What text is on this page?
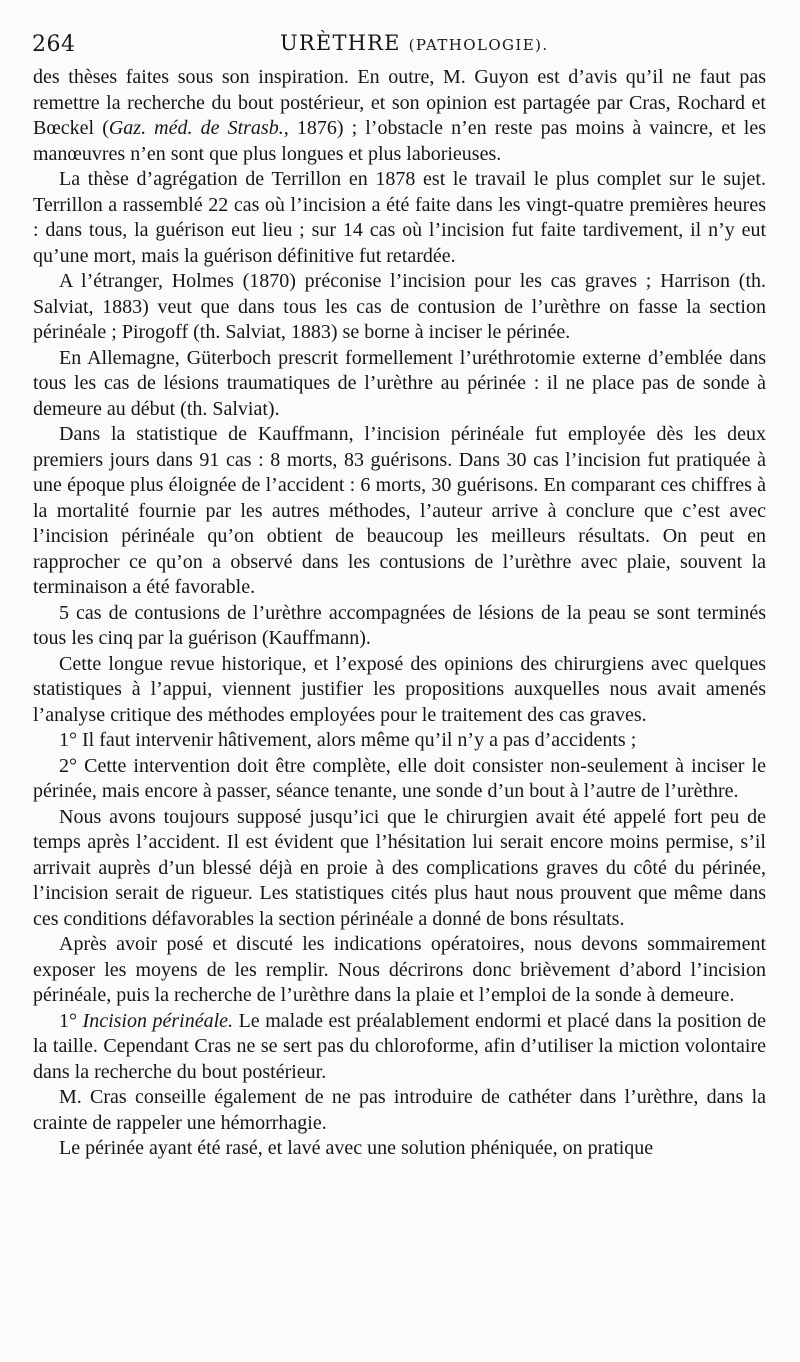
264	URÈTHRE (PATHOLOGIE).

des thèses faites sous son inspiration. En outre, M. Guyon est d’avis qu’il ne faut pas remettre la recherche du bout postérieur, et son opinion est partagée par Cras, Rochard et Bœckel (Gaz. méd. de Strasb., 1876) ; l’obstacle n’en reste pas moins à vaincre, et les manœuvres n’en sont que plus longues et plus laborieuses.

La thèse d’agrégation de Terrillon en 1878 est le travail le plus complet sur le sujet. Terrillon a rassemblé 22 cas où l’incision a été faite dans les vingt-quatre premières heures : dans tous, la guérison eut lieu ; sur 14 cas où l’incision fut faite tardivement, il n’y eut qu’une mort, mais la guérison définitive fut retardée.

A l’étranger, Holmes (1870) préconise l’incision pour les cas graves ; Harrison (th. Salviat, 1883) veut que dans tous les cas de contusion de l’urèthre on fasse la section périnéale ; Pirogoff (th. Salviat, 1883) se borne à inciser le périnée.

En Allemagne, Güterboch prescrit formellement l’uréthrotomie externe d’emblée dans tous les cas de lésions traumatiques de l’urèthre au périnée : il ne place pas de sonde à demeure au début (th. Salviat).

Dans la statistique de Kauffmann, l’incision périnéale fut employée dès les deux premiers jours dans 91 cas : 8 morts, 83 guérisons. Dans 30 cas l’incision fut pratiquée à une époque plus éloignée de l’accident : 6 morts, 30 guérisons. En comparant ces chiffres à la mortalité fournie par les autres méthodes, l’auteur arrive à conclure que c’est avec l’incision périnéale qu’on obtient de beaucoup les meilleurs résultats. On peut en rapprocher ce qu’on a observé dans les contusions de l’urèthre avec plaie, souvent la terminaison a été favorable.

5 cas de contusions de l’urèthre accompagnées de lésions de la peau se sont terminés tous les cinq par la guérison (Kauffmann).

Cette longue revue historique, et l’exposé des opinions des chirurgiens avec quelques statistiques à l’appui, viennent justifier les propositions auxquelles nous avait amenés l’analyse critique des méthodes employées pour le traitement des cas graves.

1° Il faut intervenir hâtivement, alors même qu’il n’y a pas d’accidents ;

2° Cette intervention doit être complète, elle doit consister non-seulement à inciser le périnée, mais encore à passer, séance tenante, une sonde d’un bout à l’autre de l’urèthre.

Nous avons toujours supposé jusqu’ici que le chirurgien avait été appelé fort peu de temps après l’accident. Il est évident que l’hésitation lui serait encore moins permise, s’il arrivait auprès d’un blessé déjà en proie à des complications graves du côté du périnée, l’incision serait de rigueur. Les statistiques cités plus haut nous prouvent que même dans ces conditions défavorables la section périnéale a donné de bons résultats.

Après avoir posé et discuté les indications opératoires, nous devons sommairement exposer les moyens de les remplir. Nous décrirons donc brièvement d’abord l’incision périnéale, puis la recherche de l’urèthre dans la plaie et l’emploi de la sonde à demeure.

1° Incision périnéale. Le malade est préalablement endormi et placé dans la position de la taille. Cependant Cras ne se sert pas du chloroforme, afin d’utiliser la miction volontaire dans la recherche du bout postérieur.

M. Cras conseille également de ne pas introduire de cathéter dans l’urèthre, dans la crainte de rappeler une hémorrhagie.

Le périnée ayant été rasé, et lavé avec une solution phéniquée, on pratique
